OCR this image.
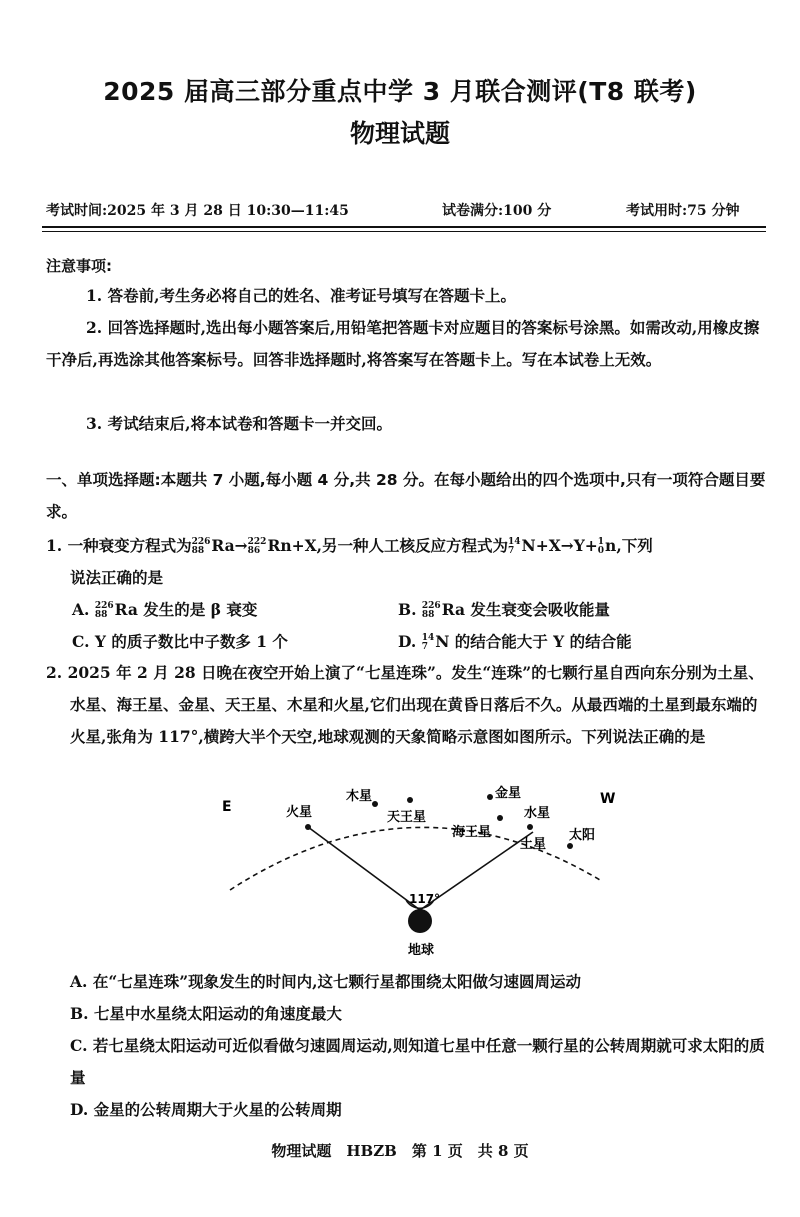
2025 届高三部分重点中学 3 月联合测评(T8 联考)
物理试题
考试时间:2025 年 3 月 28 日 10:30—11:45	试卷满分:100 分	考试用时:75 分钟
注意事项:
1. 答卷前,考生务必将自己的姓名、准考证号填写在答题卡上。
2. 回答选择题时,选出每小题答案后,用铅笔把答题卡对应题目的答案标号涂黑。如需改动,用橡皮擦干净后,再选涂其他答案标号。回答非选择题时,将答案写在答题卡上。写在本试卷上无效。
3. 考试结束后,将本试卷和答题卡一并交回。
一、单项选择题:本题共 7 小题,每小题 4 分,共 28 分。在每小题给出的四个选项中,只有一项符合题目要求。
1. 一种衰变方程式为 226
88 Ra→ 222
86 Rn+X,另一种人工核反应方程式为 14
7 N+X→Y+ 1
0 n,下列
说法正确的是
A. 226
88 Ra 发生的是 β 衰变	B. 226
88 Ra 发生衰变会吸收能量
C. Y 的质子数比中子数多 1 个	D. 14
7 N 的结合能大于 Y 的结合能
2. 2025 年 2 月 28 日晚在夜空开始上演了“七星连珠”。发生“连珠”的七颗行星自西向东分别为土星、水星、海王星、金星、天王星、木星和火星,它们出现在黄昏日落后不久。从最西端的土星到最东端的火星,张角为 117°,横跨大半个天空,地球观测的天象简略示意图如图所示。下列说法正确的是
E	W
火星
木星
天王星
金星
海王星
水星
土星
太阳
117°
地球
A. 在“七星连珠”现象发生的时间内,这七颗行星都围绕太阳做匀速圆周运动
B. 七星中水星绕太阳运动的角速度最大
C. 若七星绕太阳运动可近似看做匀速圆周运动,则知道七星中任意一颗行星的公转周期就可求太阳的质量
D. 金星的公转周期大于火星的公转周期
物理试题　HBZB　第 1 页　共 8 页
